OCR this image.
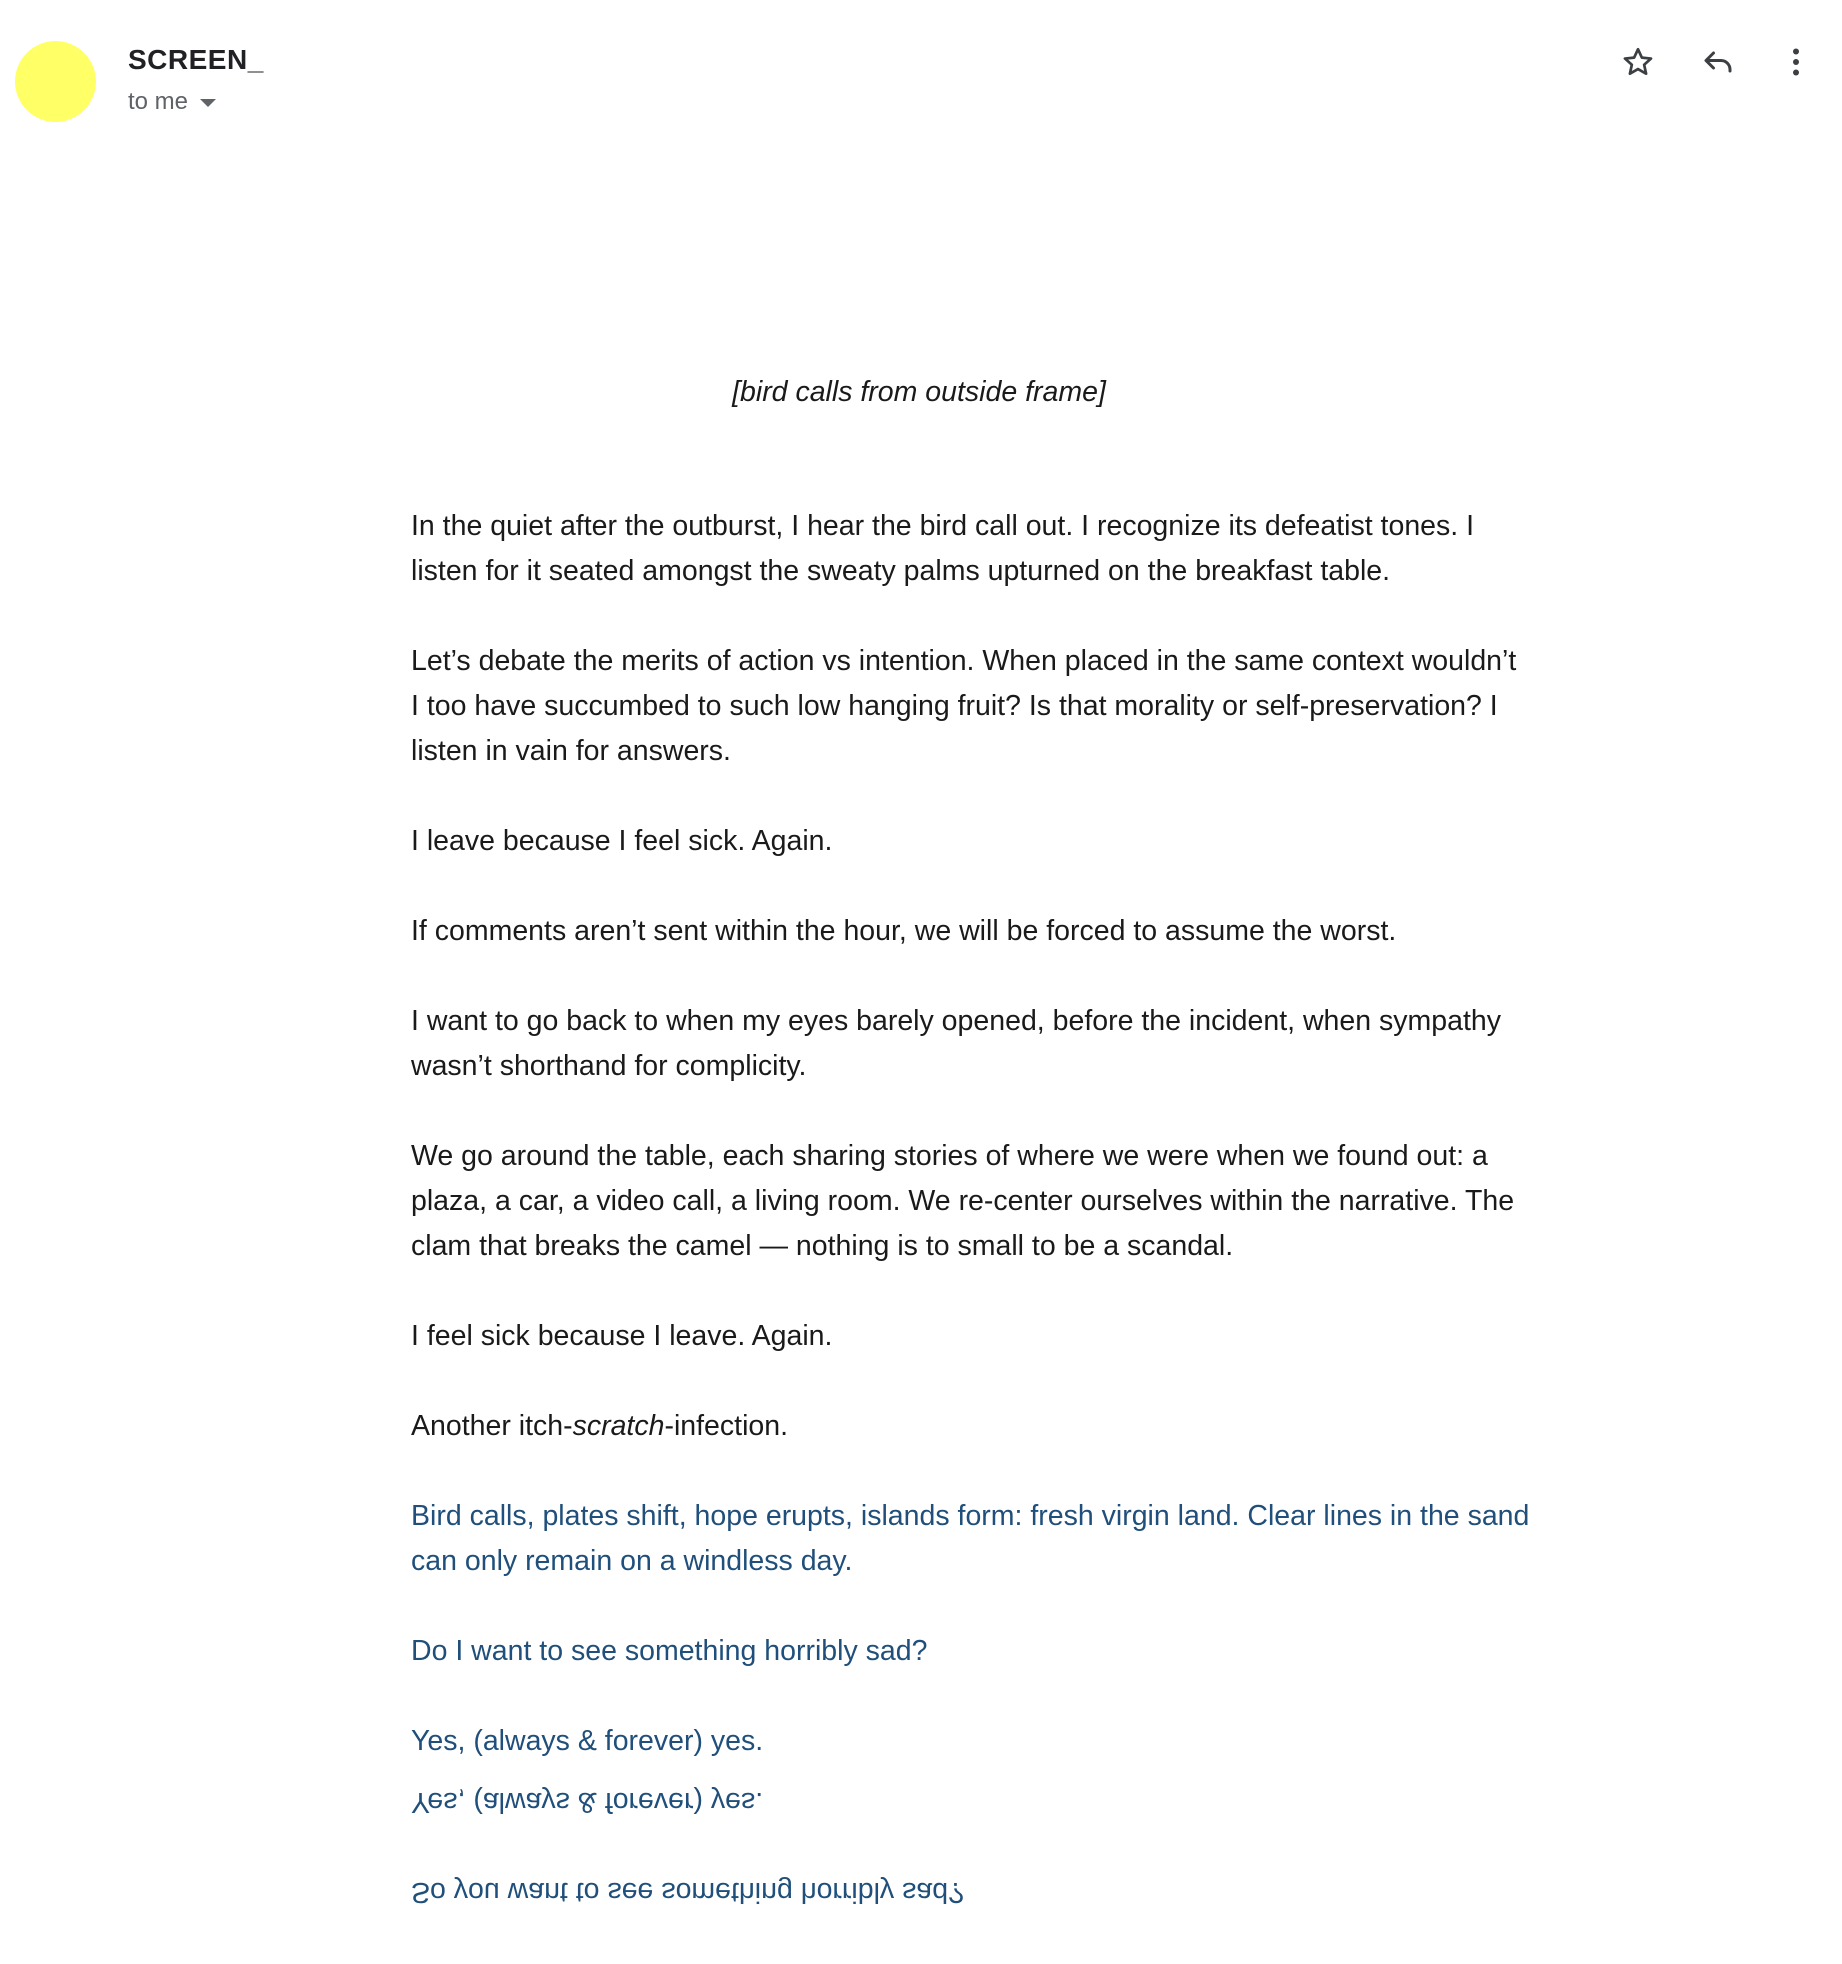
SCREEN_
to me
[bird calls from outside frame]

In the quiet after the outburst, I hear the bird call out. I recognize its defeatist tones. I listen for it seated amongst the sweaty palms upturned on the breakfast table.

Let’s debate the merits of action vs intention. When placed in the same context wouldn’t I too have succumbed to such low hanging fruit? Is that morality or self-preservation? I listen in vain for answers.

I leave because I feel sick. Again.

If comments aren’t sent within the hour, we will be forced to assume the worst.

I want to go back to when my eyes barely opened, before the incident, when sympathy wasn’t shorthand for complicity.

We go around the table, each sharing stories of where we were when we found out: a plaza, a car, a video call, a living room. We re-center ourselves within the narrative. The clam that breaks the camel — nothing is to small to be a scandal.

I feel sick because I leave. Again.

Another itch-scratch-infection.

Bird calls, plates shift, hope erupts, islands form: fresh virgin land. Clear lines in the sand can only remain on a windless day.

Do I want to see something horribly sad?

Yes, (always & forever) yes.

Yes, (always & forever) yes.

So you want to see something horribly sad?
